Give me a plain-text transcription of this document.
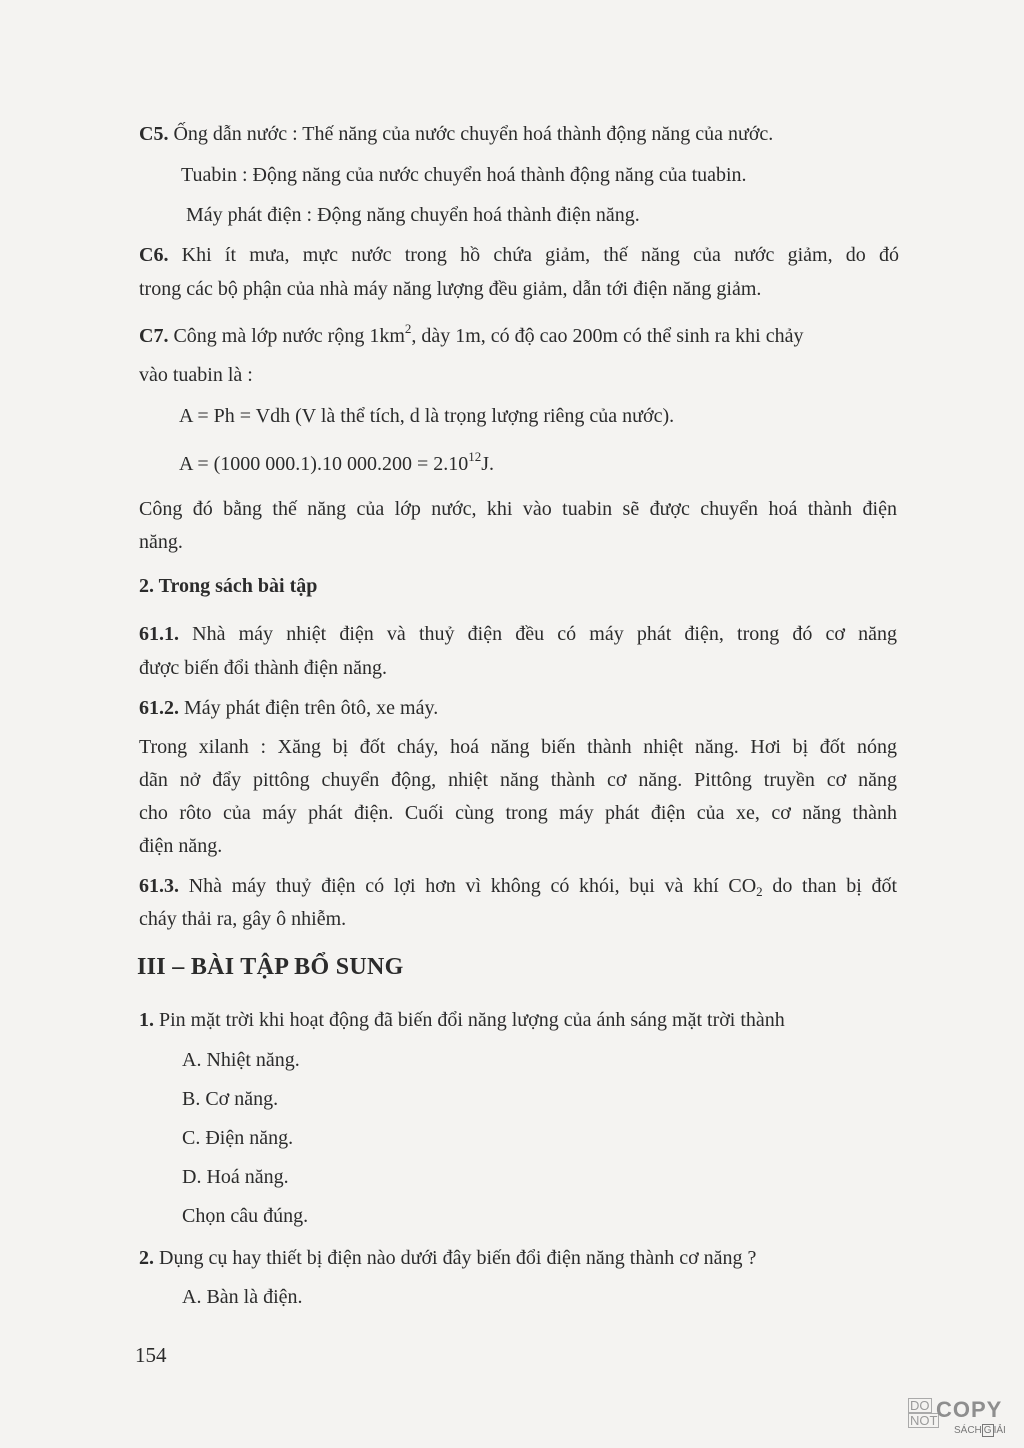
C5. Ống dẫn nước : Thế năng của nước chuyển hoá thành động năng của nước.
Tuabin : Động năng của nước chuyển hoá thành động năng của tuabin.
Máy phát điện : Động năng chuyển hoá thành điện năng.
C6. Khi ít mưa, mực nước trong hồ chứa giảm, thế năng của nước giảm, do đó
trong các bộ phận của nhà máy năng lượng đều giảm, dẫn tới điện năng giảm.
C7. Công mà lớp nước rộng $1km^2$, dày 1m, có độ cao 200m có thể sinh ra khi chảy
vào tuabin là :
A = Ph = Vdh (V là thể tích, d là trọng lượng riêng của nước).
A = (1000 000.1).10 $000.200 = 2.10^{12}J$.
Công đó bằng thế năng của lớp nước, khi vào tuabin sẽ được chuyển hoá thành điện
năng.
2. Trong sách bài tập
61.1. Nhà máy nhiệt điện và thuỷ điện đều có máy phát điện, trong đó cơ năng
được biến đổi thành điện năng.
61.2. Máy phát điện trên ôtô, xe máy.
Trong xilanh : Xăng bị đốt cháy, hoá năng biến thành nhiệt năng. Hơi bị đốt nóng
dãn nở đẩy pittông chuyển động, nhiệt năng thành cơ năng. Pittông truyền cơ năng
cho rôto của máy phát điện. Cuối cùng trong máy phát điện của xe, cơ năng thành
điện năng.
61.3. Nhà máy thuỷ điện có lợi hơn vì không có khói, bụi và khí $CO_2$ do than bị đốt
cháy thải ra, gây ô nhiễm.
III – BÀI TẬP BỔ SUNG
1. Pin mặt trời khi hoạt động đã biến đổi năng lượng của ánh sáng mặt trời thành
A. Nhiệt năng.
B. Cơ năng.
C. Điện năng.
D. Hoá năng.
Chọn câu đúng.
2. Dụng cụ hay thiết bị điện nào dưới đây biến đổi điện năng thành cơ năng ?
A. Bàn là điện.
154
DO
NOT
COPY
SÁCH G IẢI
